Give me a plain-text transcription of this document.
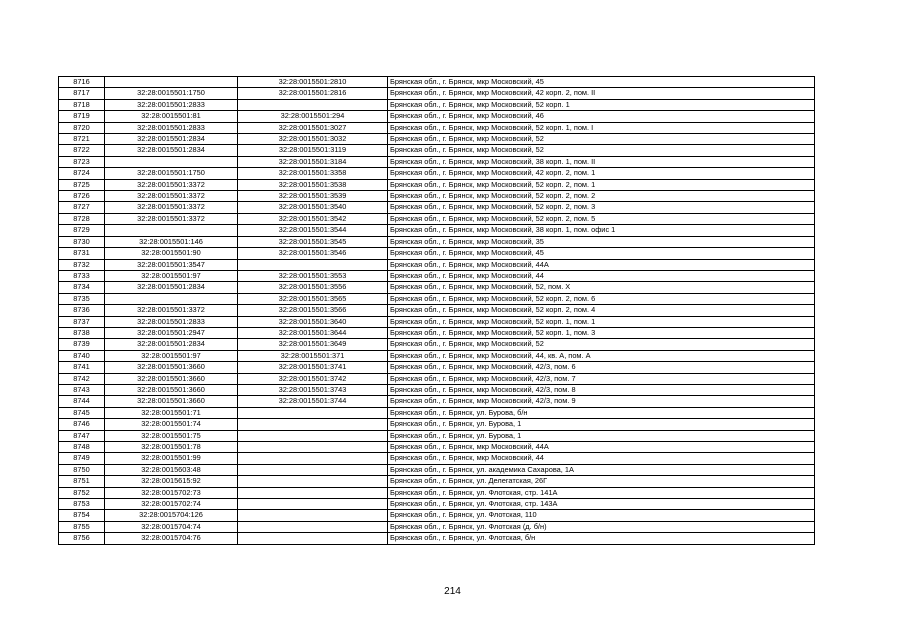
8716		32:28:0015501:2810	Брянская обл., г. Брянск, мкр Московский, 45
8717	32:28:0015501:1750	32:28:0015501:2816	Брянская обл., г. Брянск, мкр Московский, 42 корп. 2, пом. II
8718	32:28:0015501:2833		Брянская обл., г. Брянск, мкр Московский, 52 корп. 1
8719	32:28:0015501:81	32:28:0015501:294	Брянская обл., г. Брянск, мкр Московский, 46
8720	32:28:0015501:2833	32:28:0015501:3027	Брянская обл., г. Брянск, мкр Московский, 52 корп. 1, пом. I
8721	32:28:0015501:2834	32:28:0015501:3032	Брянская обл., г. Брянск, мкр Московский, 52
8722	32:28:0015501:2834	32:28:0015501:3119	Брянская обл., г. Брянск, мкр Московский, 52
8723		32:28:0015501:3184	Брянская обл., г. Брянск, мкр Московский, 38 корп. 1, пом. II
8724	32:28:0015501:1750	32:28:0015501:3358	Брянская обл., г. Брянск, мкр Московский, 42 корп. 2, пом. 1
8725	32:28:0015501:3372	32:28:0015501:3538	Брянская обл., г. Брянск, мкр Московский, 52 корп. 2, пом. 1
8726	32:28:0015501:3372	32:28:0015501:3539	Брянская обл., г. Брянск, мкр Московский, 52 корп. 2, пом. 2
8727	32:28:0015501:3372	32:28:0015501:3540	Брянская обл., г. Брянск, мкр Московский, 52 корп. 2, пом. 3
8728	32:28:0015501:3372	32:28:0015501:3542	Брянская обл., г. Брянск, мкр Московский, 52 корп. 2, пом. 5
8729		32:28:0015501:3544	Брянская обл., г. Брянск, мкр Московский, 38 корп. 1, пом. офис 1
8730	32:28:0015501:146	32:28:0015501:3545	Брянская обл., г. Брянск, мкр Московский, 35
8731	32:28:0015501:90	32:28:0015501:3546	Брянская обл., г. Брянск, мкр Московский, 45
8732	32:28:0015501:3547		Брянская обл., г. Брянск, мкр Московский, 44А
8733	32:28:0015501:97	32:28:0015501:3553	Брянская обл., г. Брянск, мкр Московский, 44
8734	32:28:0015501:2834	32:28:0015501:3556	Брянская обл., г. Брянск, мкр Московский, 52, пом. X
8735		32:28:0015501:3565	Брянская обл., г. Брянск, мкр Московский, 52 корп. 2, пом. 6
8736	32:28:0015501:3372	32:28:0015501:3566	Брянская обл., г. Брянск, мкр Московский, 52 корп. 2, пом. 4
8737	32:28:0015501:2833	32:28:0015501:3640	Брянская обл., г. Брянск, мкр Московский, 52 корп. 1, пом. 1
8738	32:28:0015501:2947	32:28:0015501:3644	Брянская обл., г. Брянск, мкр Московский, 52 корп. 1, пом. 3
8739	32:28:0015501:2834	32:28:0015501:3649	Брянская обл., г. Брянск, мкр Московский, 52
8740	32:28:0015501:97	32:28:0015501:371	Брянская обл., г. Брянск, мкр Московский, 44, кв. А, пом. А
8741	32:28:0015501:3660	32:28:0015501:3741	Брянская обл., г. Брянск, мкр Московский, 42/3, пом. 6
8742	32:28:0015501:3660	32:28:0015501:3742	Брянская обл., г. Брянск, мкр Московский, 42/3, пом. 7
8743	32:28:0015501:3660	32:28:0015501:3743	Брянская обл., г. Брянск, мкр Московский, 42/3, пом. 8
8744	32:28:0015501:3660	32:28:0015501:3744	Брянская обл., г. Брянск, мкр Московский, 42/3, пом. 9
8745	32:28:0015501:71		Брянская обл., г. Брянск, ул. Бурова, б/н
8746	32:28:0015501:74		Брянская обл., г. Брянск, ул. Бурова, 1
8747	32:28:0015501:75		Брянская обл., г. Брянск, ул. Бурова, 1
8748	32:28:0015501:78		Брянская обл., г. Брянск, мкр Московский, 44А
8749	32:28:0015501:99		Брянская обл., г. Брянск, мкр Московский, 44
8750	32:28:0015603:48		Брянская обл., г. Брянск, ул. академика Сахарова, 1А
8751	32:28:0015615:92		Брянская обл., г. Брянск, ул. Делегатская, 26Г
8752	32:28:0015702:73		Брянская обл., г. Брянск, ул. Флотская, стр. 141А
8753	32:28:0015702:74		Брянская обл., г. Брянск, ул. Флотская, стр. 143А
8754	32:28:0015704:126		Брянская обл., г. Брянск, ул. Флотская, 110
8755	32:28:0015704:74		Брянская обл., г. Брянск, ул. Флотская (д. б/н)
8756	32:28:0015704:76		Брянская обл., г. Брянск, ул. Флотская, б/н
214
